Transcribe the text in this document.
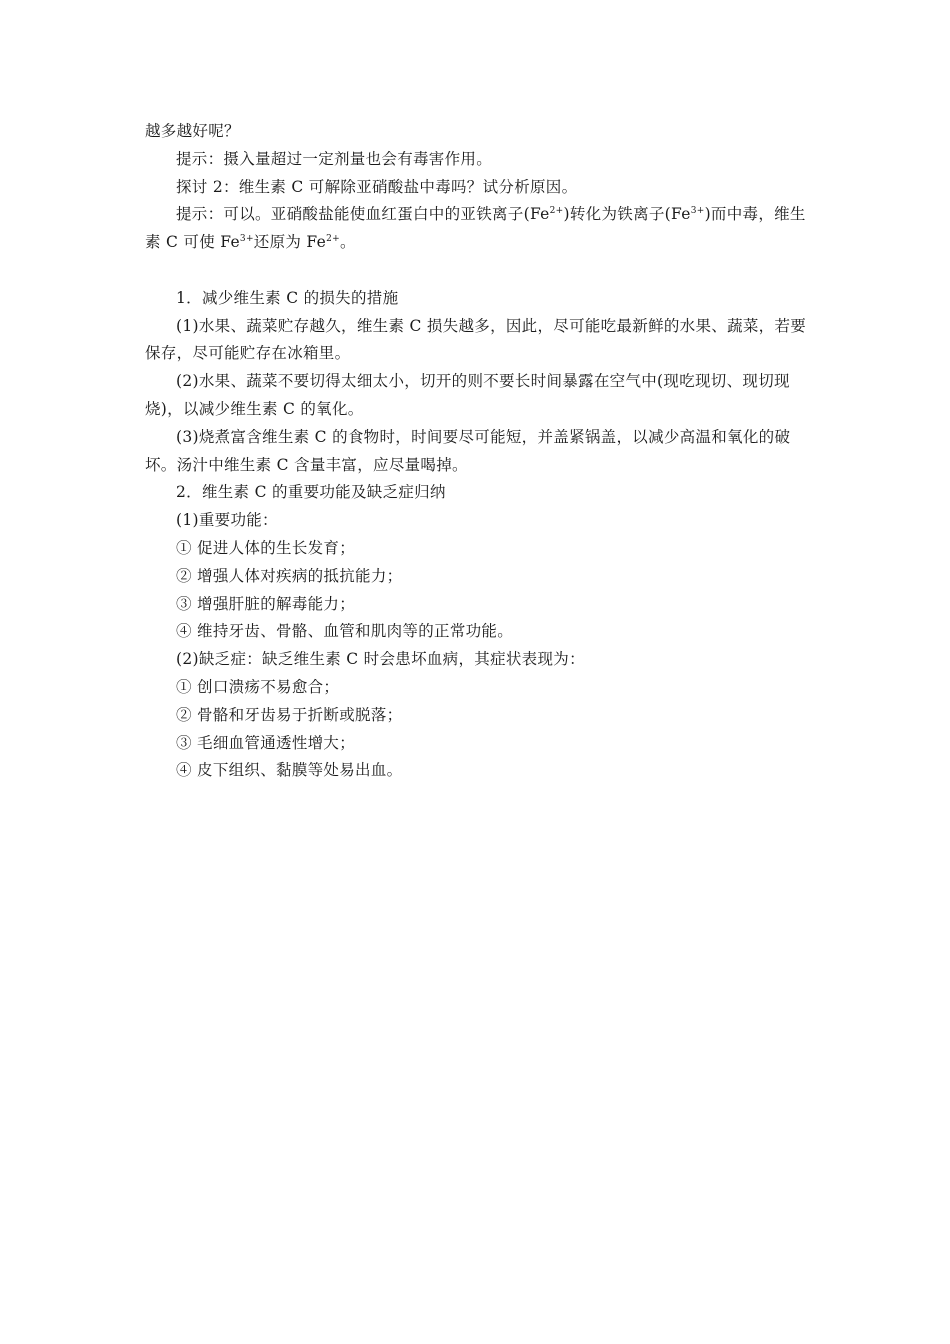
越多越好呢？

提示：摄入量超过一定剂量也会有毒害作用。

探讨 2：维生素 C 可解除亚硝酸盐中毒吗？试分析原因。

提示：可以。亚硝酸盐能使血红蛋白中的亚铁离子$(Fe^{2+})$转化为铁离子$(Fe^{3+})$而中毒，维生素 C 可使 $Fe^{3+}$还原为 $Fe^{2+}$。

1．减少维生素 C 的损失的措施

(1)水果、蔬菜贮存越久，维生素 C 损失越多，因此，尽可能吃最新鲜的水果、蔬菜，若要保存，尽可能贮存在冰箱里。

(2)水果、蔬菜不要切得太细太小，切开的则不要长时间暴露在空气中(现吃现切、现切现烧)，以减少维生素 C 的氧化。

(3)烧煮富含维生素 C 的食物时，时间要尽可能短，并盖紧锅盖，以减少高温和氧化的破坏。汤汁中维生素 C 含量丰富，应尽量喝掉。

2．维生素 C 的重要功能及缺乏症归纳

(1)重要功能：

① 促进人体的生长发育；

② 增强人体对疾病的抵抗能力；

③ 增强肝脏的解毒能力；

④ 维持牙齿、骨骼、血管和肌肉等的正常功能。

(2)缺乏症：缺乏维生素 C 时会患坏血病，其症状表现为：

① 创口溃疡不易愈合；

② 骨骼和牙齿易于折断或脱落；

③ 毛细血管通透性增大；

④ 皮下组织、黏膜等处易出血。
